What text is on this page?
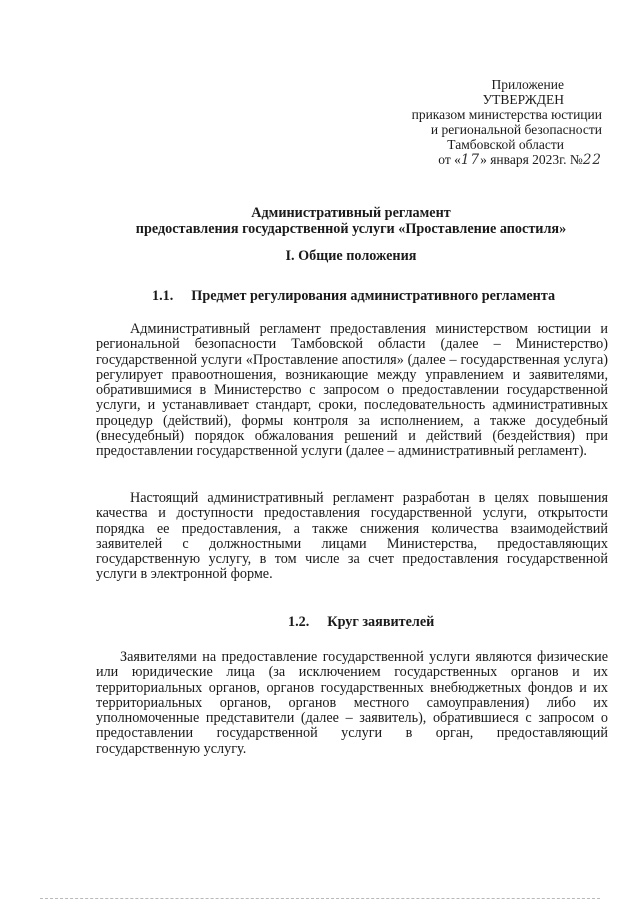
Приложение
УТВЕРЖДЕН
приказом министерства юстиции
и региональной безопасности
Тамбовской области
от «17» января 2023г. №22
Административный регламент
предоставления государственной услуги «Проставление апостиля»
I. Общие положения
1.1. Предмет регулирования административного регламента

Административный регламент предоставления министерством юстиции и региональной безопасности Тамбовской области (далее – Министерство) государственной услуги «Проставление апостиля» (далее – государственная услуга) регулирует правоотношения, возникающие между управлением и заявителями, обратившимися в Министерство с запросом о предоставлении государственной услуги, и устанавливает стандарт, сроки, последовательность административных процедур (действий), формы контроля за исполнением, а также досудебный (внесудебный) порядок обжалования решений и действий (бездействия) при предоставлении государственной услуги (далее – административный регламент).

Настоящий административный регламент разработан в целях повышения качества и доступности предоставления государственной услуги, открытости порядка ее предоставления, а также снижения количества взаимодействий заявителей с должностными лицами Министерства, предоставляющих государственную услугу, в том числе за счет предоставления государственной услуги в электронной форме.

1.2. Круг заявителей

Заявителями на предоставление государственной услуги являются физические или юридические лица (за исключением государственных органов и их территориальных органов, органов государственных внебюджетных фондов и их территориальных органов, органов местного самоуправления) либо их уполномоченные представители (далее – заявитель), обратившиеся с запросом о предоставлении государственной услуги в орган, предоставляющий государственную услугу.
